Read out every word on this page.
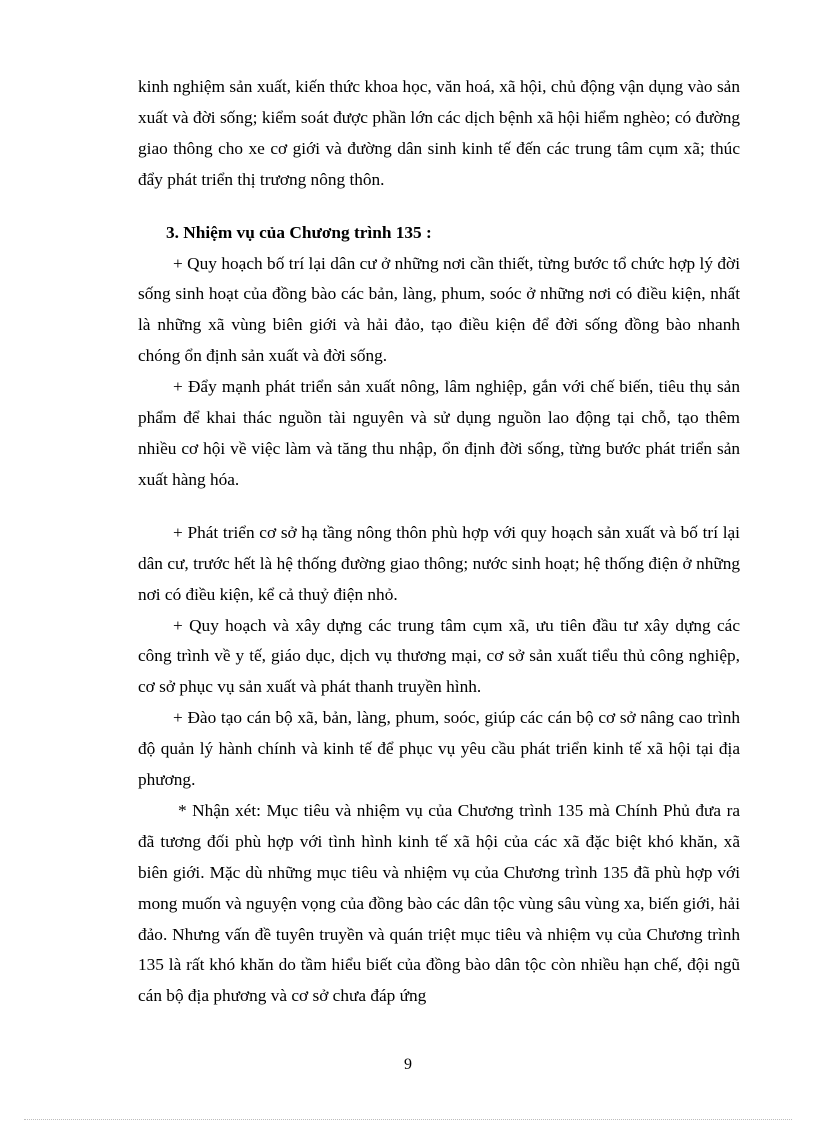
kinh nghiệm sản xuất, kiến thức khoa học, văn hoá, xã hội, chủ động vận dụng vào sản xuất và đời sống; kiểm soát được phần lớn các dịch bệnh xã hội hiểm nghèo; có đường giao thông cho xe cơ giới và đường dân sinh kinh tế đến các trung tâm cụm xã; thúc đẩy phát triển thị trương nông thôn.

3. Nhiệm vụ của Chương trình 135 :

+ Quy hoạch bố trí lại dân cư ở những nơi cần thiết, từng bước tổ chức hợp lý đời sống sinh hoạt của đồng bào các bản, làng, phum, soóc ở những nơi có điều kiện, nhất là những xã vùng biên giới và hải đảo, tạo điều kiện để đời sống đồng bào nhanh chóng ổn định sản xuất và đời sống.

+ Đẩy mạnh phát triển sản xuất nông, lâm nghiệp, gắn với chế biến, tiêu thụ sản phẩm để khai thác nguồn tài nguyên và sử dụng nguồn lao động tại chỗ, tạo thêm nhiều cơ hội về việc làm và tăng thu nhập, ổn định đời sống, từng bước phát triển sản xuất hàng hóa.

+ Phát triển cơ sở hạ tầng nông thôn phù hợp với quy hoạch sản xuất và bố trí lại dân cư, trước hết là hệ thống đường giao thông; nước sinh hoạt; hệ thống điện ở những nơi có điều kiện, kể cả thuỷ điện nhỏ.

+ Quy hoạch và xây dựng các trung tâm cụm xã, ưu tiên đầu tư xây dựng các công trình về y tế, giáo dục, dịch vụ thương mại, cơ sở sản xuất tiểu thủ công nghiệp, cơ sở phục vụ sản xuất và phát thanh truyền hình.

+ Đào tạo cán bộ xã, bản, làng, phum, soóc, giúp các cán bộ cơ sở nâng cao trình độ quản lý hành chính và kinh tế để phục vụ yêu cầu phát triển kinh tế xã hội tại địa phương.

* Nhận xét: Mục tiêu và nhiệm vụ của Chương trình 135 mà Chính Phủ đưa ra đã tương đối phù hợp với tình hình kinh tế xã hội của các xã đặc biệt khó khăn, xã biên giới. Mặc dù những mục tiêu và nhiệm vụ của Chương trình 135 đã phù hợp với mong muốn và nguyện vọng của đồng bào các dân tộc vùng sâu vùng xa, biến giới, hải đảo. Nhưng vấn đề tuyên truyền và quán triệt mục tiêu và nhiệm vụ của Chương trình 135 là rất khó khăn do tầm hiểu biết của đồng bào dân tộc còn nhiều hạn chế, đội ngũ cán bộ địa phương và cơ sở chưa đáp ứng

9
